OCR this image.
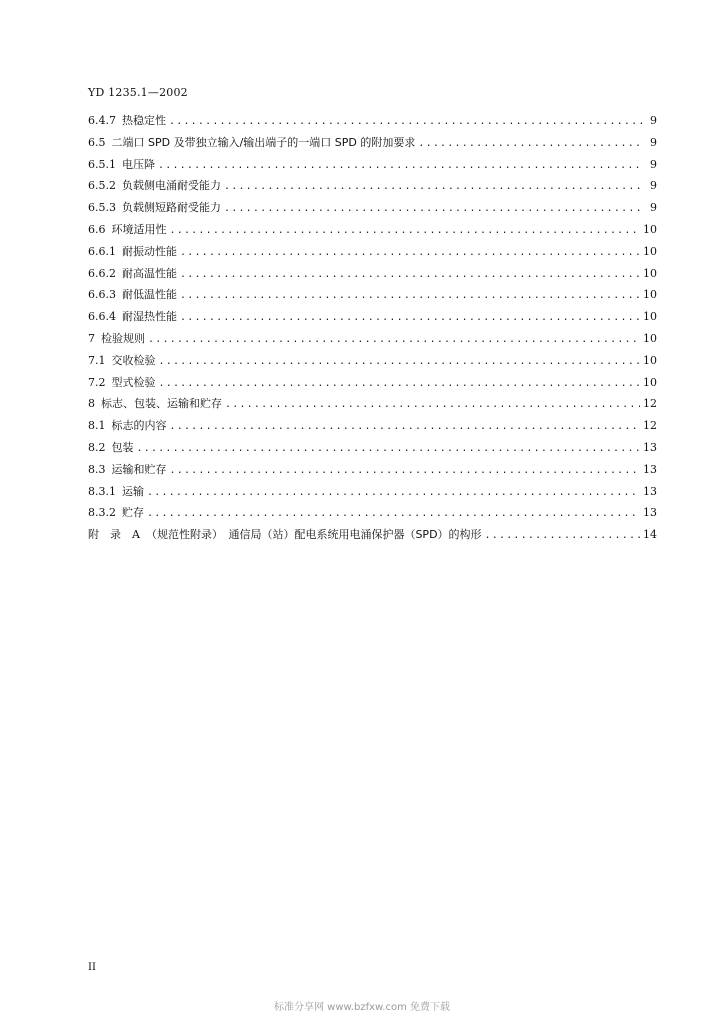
YD 1235.1—2002
6.4.7 热稳定性 .....	9
6.5 二端口 SPD 及带独立输入/输出端子的一端口 SPD 的附加要求 .....	9
6.5.1 电压降 .....	9
6.5.2 负载侧电涌耐受能力 .....	9
6.5.3 负载侧短路耐受能力 .....	9
6.6 环境适用性 .....	10
6.6.1 耐振动性能 .....	10
6.6.2 耐高温性能 .....	10
6.6.3 耐低温性能 .....	10
6.6.4 耐湿热性能 .....	10
7 检验规则 .....	10
7.1 交收检验 .....	10
7.2 型式检验 .....	10
8 标志、包装、运输和贮存 .....	12
8.1 标志的内容 .....	12
8.2 包装 .....	13
8.3 运输和贮存 .....	13
8.3.1 运输 .....	13
8.3.2 贮存 .....	13
附　录　A （规范性附录）　通信局（站）配电系统用电涌保护器（SPD）的构形 .....	14
II
标准分享网 www.bzfxw.com 免费下载
